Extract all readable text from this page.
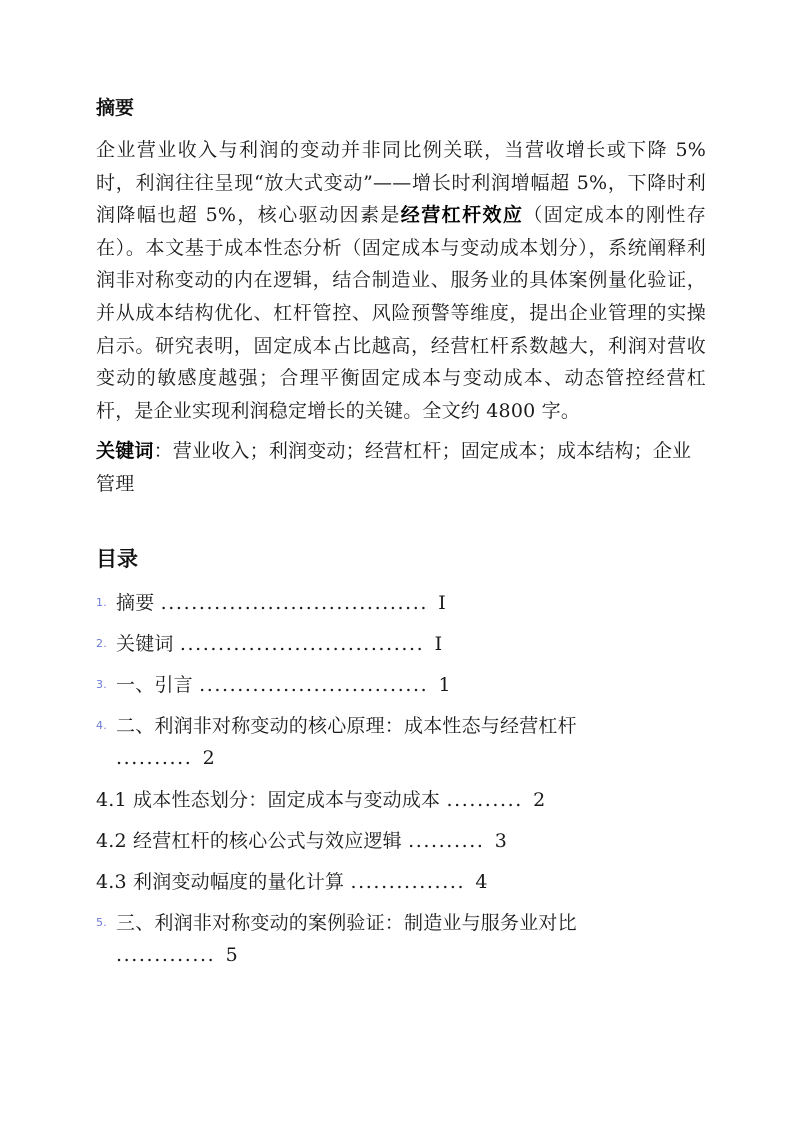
摘要

企业营业收入与利润的变动并非同比例关联，当营收增长或下降 5%时，利润往往呈现“放大式变动”——增长时利润增幅超 5%，下降时利润降幅也超 5%，核心驱动因素是经营杠杆效应（固定成本的刚性存在）。本文基于成本性态分析（固定成本与变动成本划分），系统阐释利润非对称变动的内在逻辑，结合制造业、服务业的具体案例量化验证，并从成本结构优化、杠杆管控、风险预警等维度，提出企业管理的实操启示。研究表明，固定成本占比越高，经营杠杆系数越大，利润对营收变动的敏感度越强；合理平衡固定成本与变动成本、动态管控经营杠杆，是企业实现利润稳定增长的关键。全文约 4800 字。

关键词：营业收入；利润变动；经营杠杆；固定成本；成本结构；企业管理

目录
1. 摘要 ................................... I
2. 关键词 ................................ I
3. 一、引言 .............................. 1
4. 二、利润非对称变动的核心原理：成本性态与经营杠杆 .......... 2
4.1 成本性态划分：固定成本与变动成本 .......... 2
4.2 经营杠杆的核心公式与效应逻辑 .......... 3
4.3 利润变动幅度的量化计算 ............... 4
5. 三、利润非对称变动的案例验证：制造业与服务业对比 ............. 5
